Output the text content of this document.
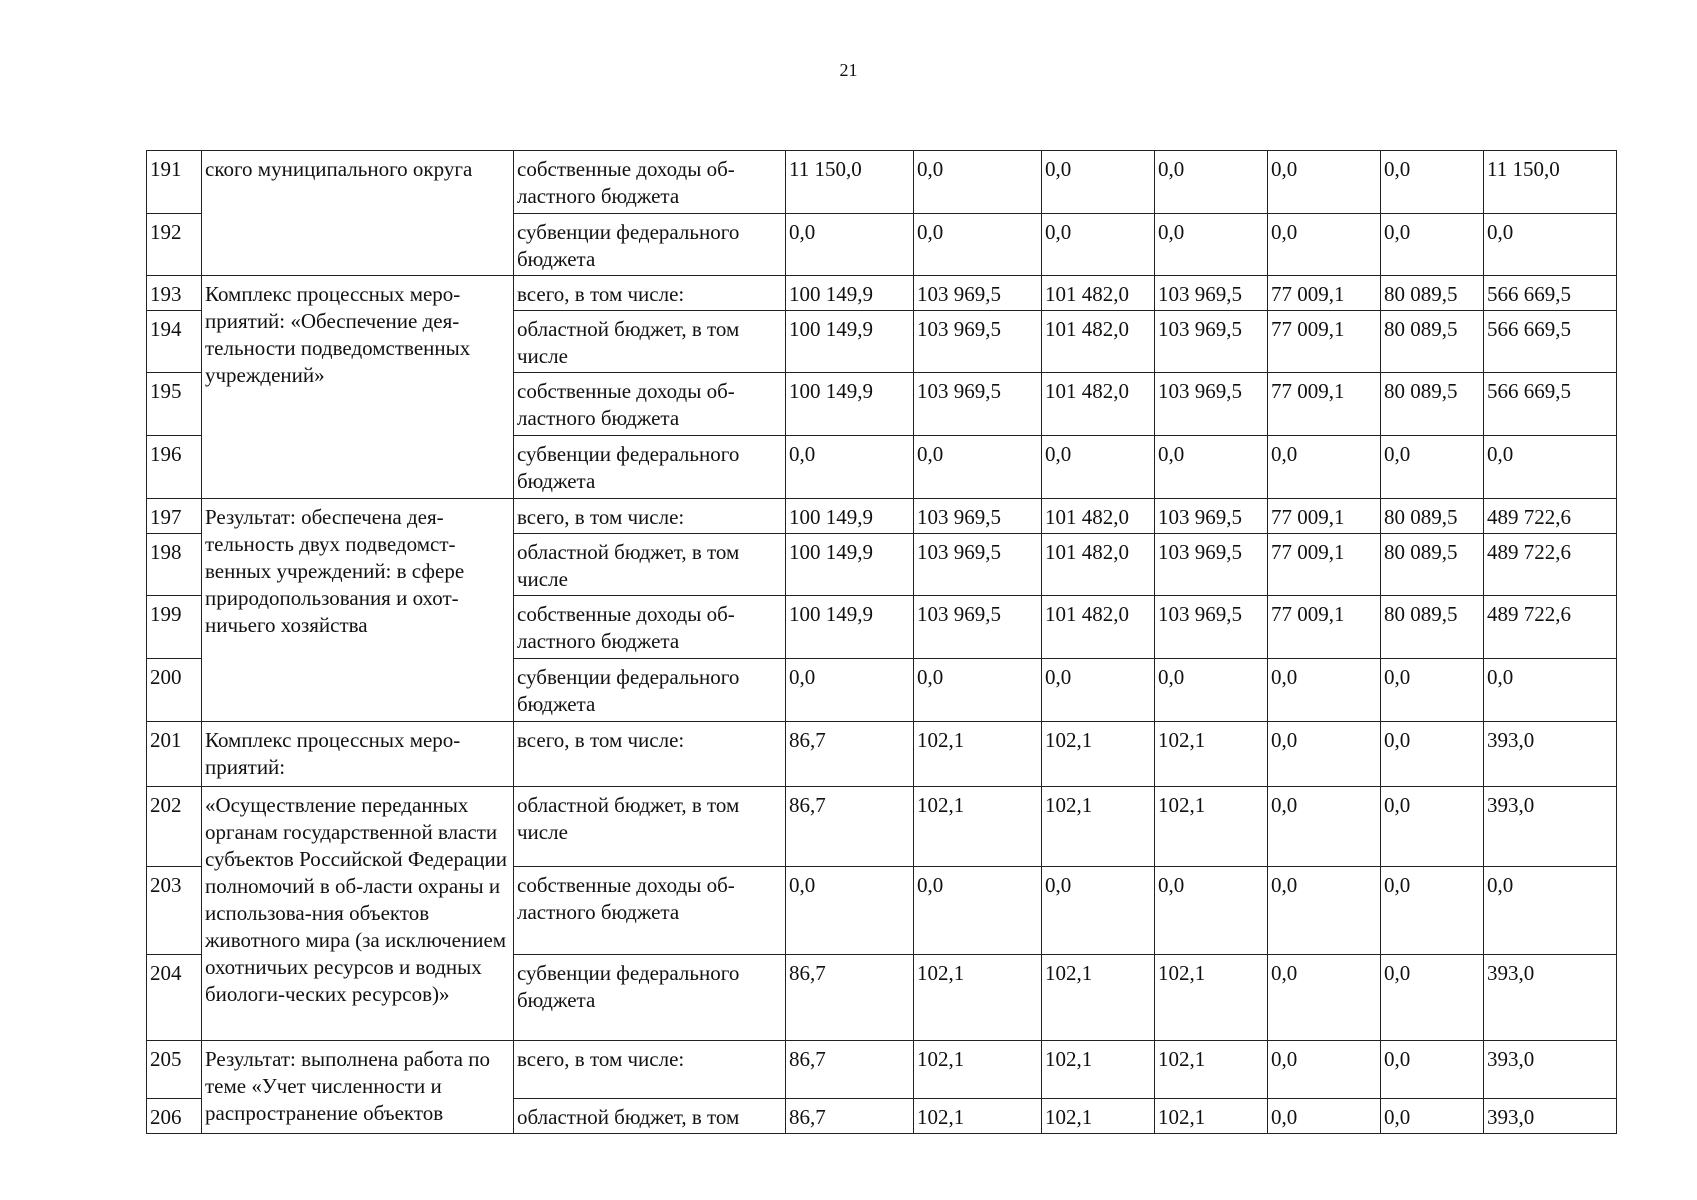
21
191	ского муниципального округа	собственные доходы об-ластного бюджета	11 150,0	0,0	0,0	0,0	0,0	0,0	11 150,0
192		субвенции федерального бюджета	0,0	0,0	0,0	0,0	0,0	0,0	0,0
193	Комплекс процессных меро-приятий: «Обеспечение дея-тельности подведомственных учреждений»	всего, в том числе:	100 149,9	103 969,5	101 482,0	103 969,5	77 009,1	80 089,5	566 669,5
194		областной бюджет, в том числе	100 149,9	103 969,5	101 482,0	103 969,5	77 009,1	80 089,5	566 669,5
195		собственные доходы об-ластного бюджета	100 149,9	103 969,5	101 482,0	103 969,5	77 009,1	80 089,5	566 669,5
196		субвенции федерального бюджета	0,0	0,0	0,0	0,0	0,0	0,0	0,0
197	Результат: обеспечена дея-тельность двух подведомст-венных учреждений: в сфере природопользования и охот-ничьего хозяйства	всего, в том числе:	100 149,9	103 969,5	101 482,0	103 969,5	77 009,1	80 089,5	489 722,6
198		областной бюджет, в том числе	100 149,9	103 969,5	101 482,0	103 969,5	77 009,1	80 089,5	489 722,6
199		собственные доходы об-ластного бюджета	100 149,9	103 969,5	101 482,0	103 969,5	77 009,1	80 089,5	489 722,6
200		субвенции федерального бюджета	0,0	0,0	0,0	0,0	0,0	0,0	0,0
201	Комплекс процессных меро-приятий:	всего, в том числе:	86,7	102,1	102,1	102,1	0,0	0,0	393,0
202	«Осуществление переданных органам государственной власти субъектов Российской Федерации полномочий в об-ласти охраны и использова-ния объектов животного мира (за исключением охотничьих ресурсов и водных биологи-ческих ресурсов)»	областной бюджет, в том числе	86,7	102,1	102,1	102,1	0,0	0,0	393,0
203		собственные доходы об-ластного бюджета	0,0	0,0	0,0	0,0	0,0	0,0	0,0
204		субвенции федерального бюджета	86,7	102,1	102,1	102,1	0,0	0,0	393,0
205	Результат: выполнена работа по теме «Учет численности и распространение объектов	всего, в том числе:	86,7	102,1	102,1	102,1	0,0	0,0	393,0
206		областной бюджет, в том	86,7	102,1	102,1	102,1	0,0	0,0	393,0
